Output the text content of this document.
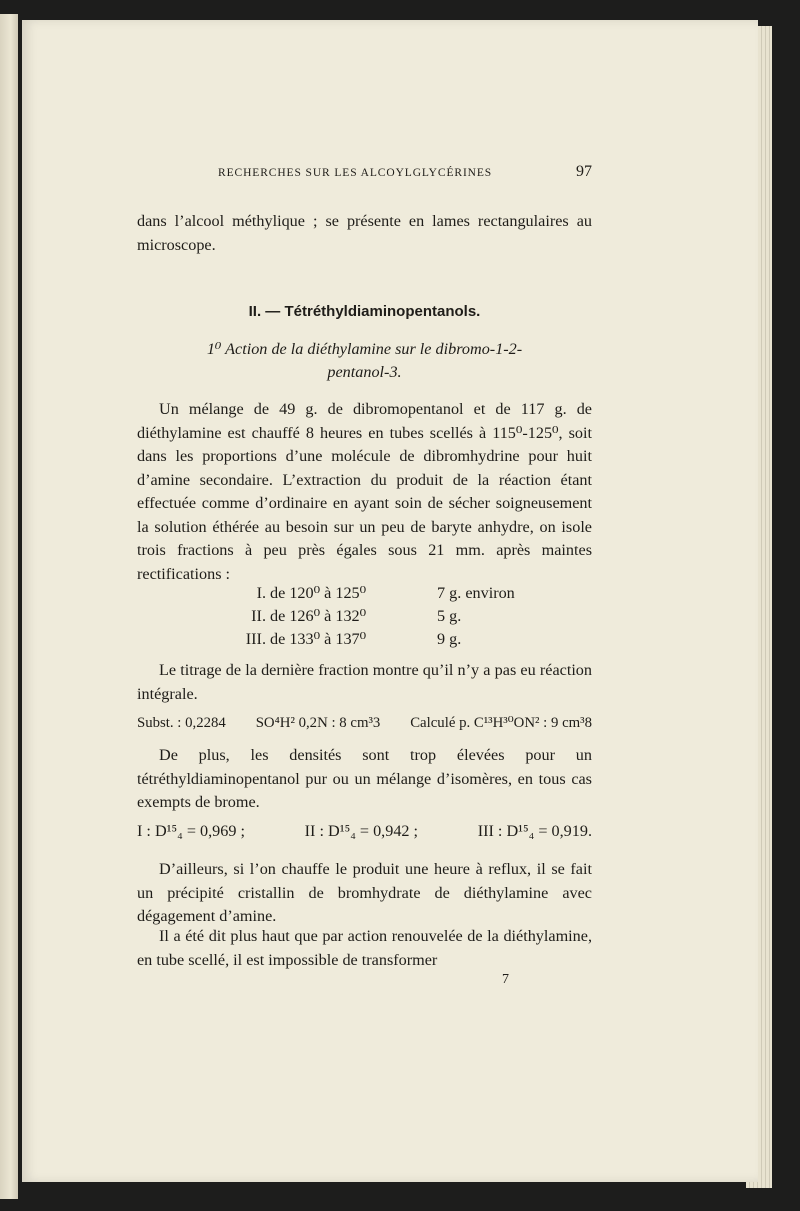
RECHERCHES SUR LES ALCOYLGLYCÉRINES	97

dans l’alcool méthylique ; se présente en lames rectangulaires au microscope.

II. — Tétréthyldiaminopentanols.
1⁰ Action de la diéthylamine sur le dibromo-1-2-
pentanol-3.

Un mélange de 49 g. de dibromopentanol et de 117 g. de diéthylamine est chauffé 8 heures en tubes scellés à 115⁰-125⁰, soit dans les proportions d’une molécule de dibromhydrine pour huit d’amine secondaire. L’extraction du produit de la réaction étant effectuée comme d’ordinaire en ayant soin de sécher soigneusement la solution éthérée au besoin sur un peu de baryte anhydre, on isole trois fractions à peu près égales sous 21 mm. après maintes rectifications :

I. de 120⁰ à 125⁰	7 g. environ
II. de 126⁰ à 132⁰	5 g.
III. de 133⁰ à 137⁰	9 g.

Le titrage de la dernière fraction montre qu’il n’y a pas eu réaction intégrale.

Subst. : 0,2284 SO⁴H² 0,2N : 8 cm³3 Calculé p. C¹³H³⁰ON² : 9 cm³8

De plus, les densités sont trop élevées pour un tétréthyldiaminopentanol pur ou un mélange d’isomères, en tous cas exempts de brome.

I : D¹⁵₄ = 0,969 ;	II : D¹⁵₄ = 0,942 ;	III : D¹⁵₄ = 0,919.

D’ailleurs, si l’on chauffe le produit une heure à reflux, il se fait un précipité cristallin de bromhydrate de diéthylamine avec dégagement d’amine.

Il a été dit plus haut que par action renouvelée de la diéthylamine, en tube scellé, il est impossible de transformer

7
